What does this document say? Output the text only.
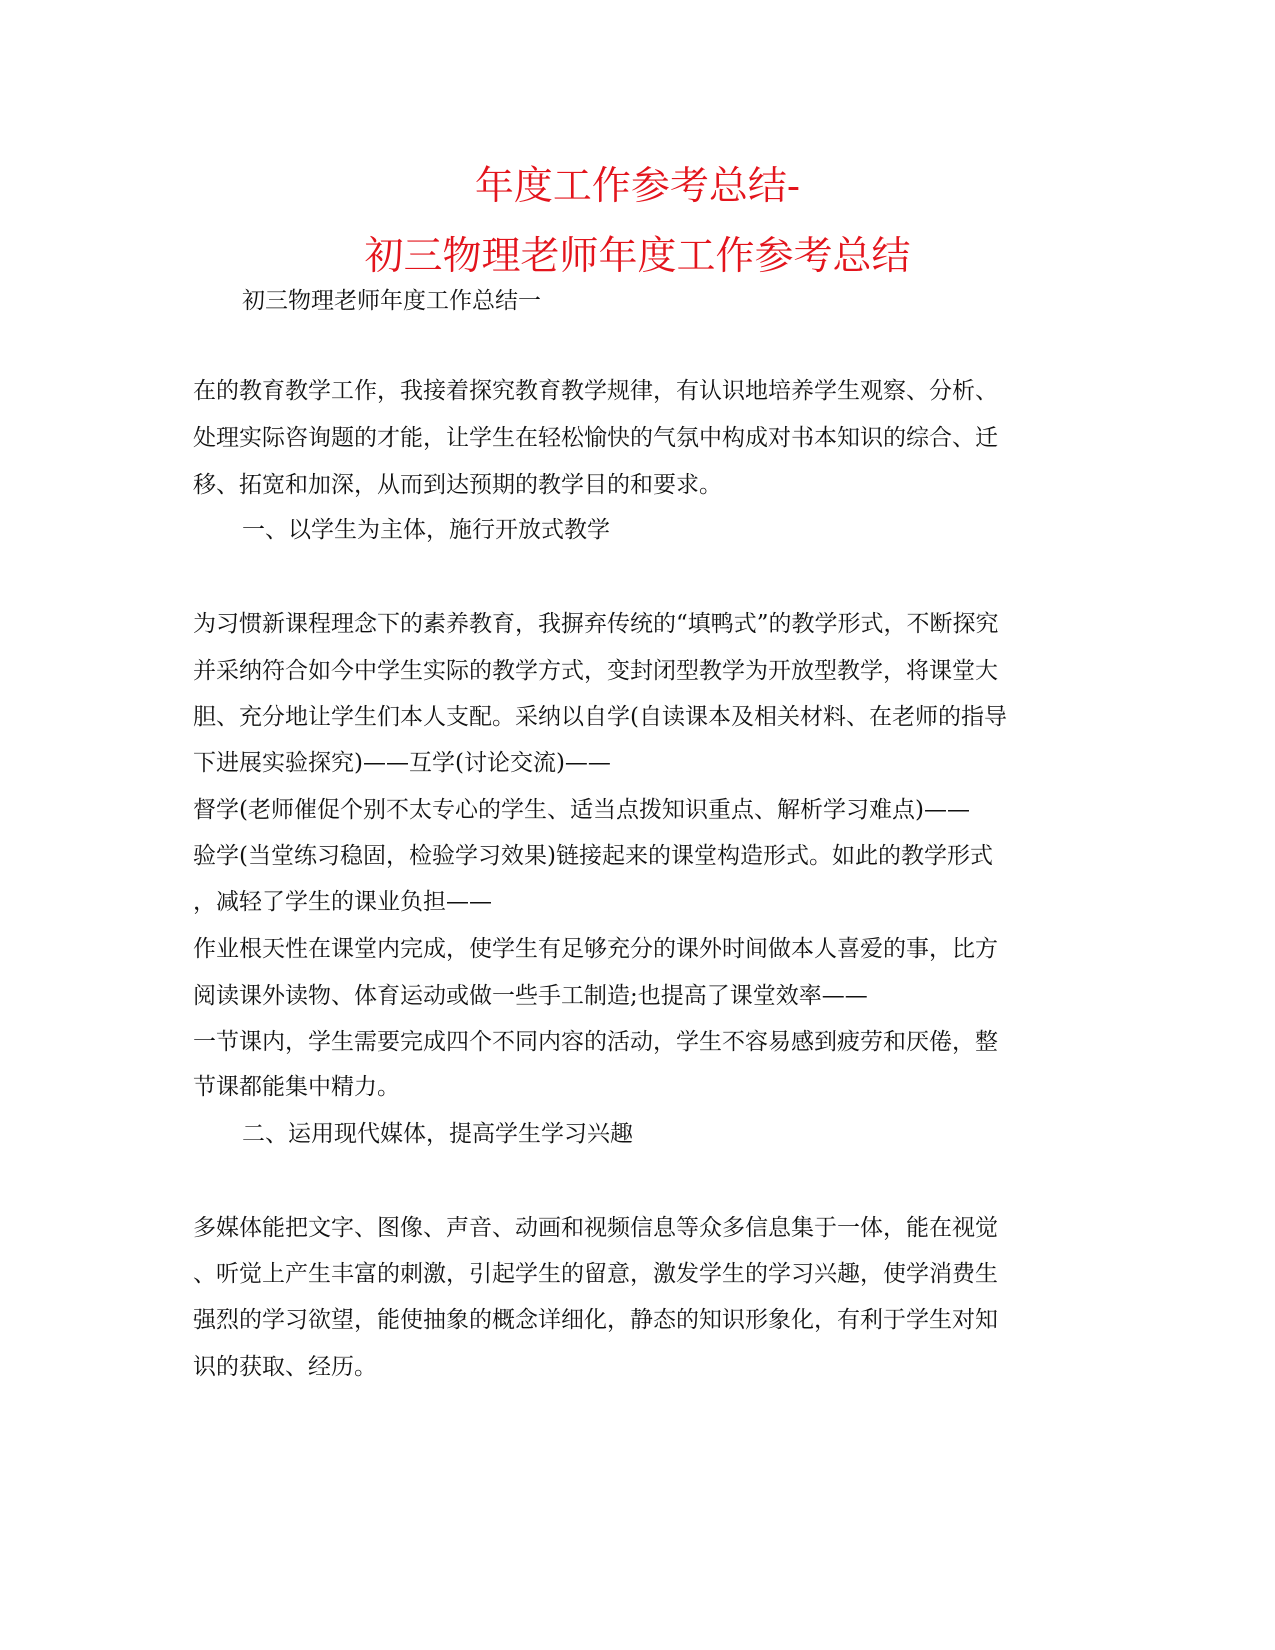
年度工作参考总结-
初三物理老师年度工作参考总结
初三物理老师年度工作总结一
在的教育教学工作，我接着探究教育教学规律，有认识地培养学生观察、分析、
处理实际咨询题的才能，让学生在轻松愉快的气氛中构成对书本知识的综合、迁
移、拓宽和加深，从而到达预期的教学目的和要求。
一、以学生为主体，施行开放式教学
为习惯新课程理念下的素养教育，我摒弃传统的“填鸭式”的教学形式，不断探究
并采纳符合如今中学生实际的教学方式，变封闭型教学为开放型教学，将课堂大
胆、充分地让学生们本人支配。采纳以自学(自读课本及相关材料、在老师的指导
下进展实验探究)——互学(讨论交流)——
督学(老师催促个别不太专心的学生、适当点拨知识重点、解析学习难点)——
验学(当堂练习稳固，检验学习效果)链接起来的课堂构造形式。如此的教学形式
，减轻了学生的课业负担——
作业根天性在课堂内完成，使学生有足够充分的课外时间做本人喜爱的事，比方
阅读课外读物、体育运动或做一些手工制造;也提高了课堂效率——
一节课内，学生需要完成四个不同内容的活动，学生不容易感到疲劳和厌倦，整
节课都能集中精力。
二、运用现代媒体，提高学生学习兴趣
多媒体能把文字、图像、声音、动画和视频信息等众多信息集于一体，能在视觉
、听觉上产生丰富的刺激，引起学生的留意，激发学生的学习兴趣，使学消费生
强烈的学习欲望，能使抽象的概念详细化，静态的知识形象化，有利于学生对知
识的获取、经历。
